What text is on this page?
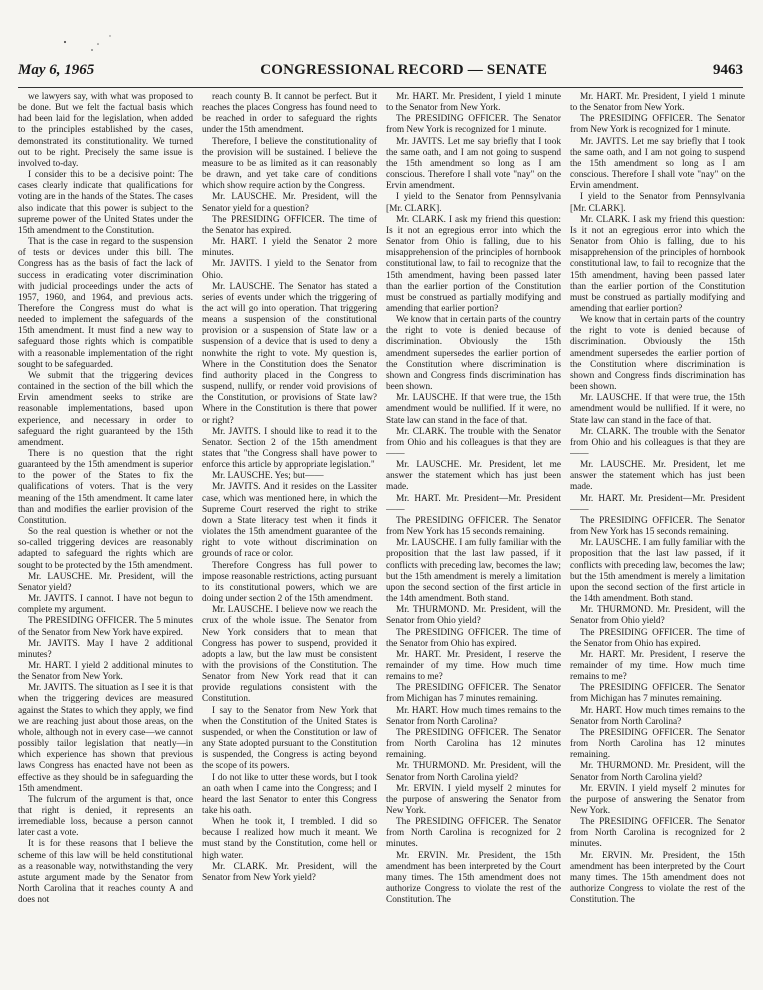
May 6, 1965	CONGRESSIONAL RECORD — SENATE	9463

we lawyers say, with what was proposed to be done. But we felt the factual basis which had been laid for the legislation, when added to the principles established by the cases, demonstrated its constitutionality. We turned out to be right. Precisely the same issue is involved to-day.

I consider this to be a decisive point: The cases clearly indicate that qualifications for voting are in the hands of the States. The cases also indicate that this power is subject to the supreme power of the United States under the 15th amendment to the Constitution.

That is the case in regard to the suspension of tests or devices under this bill. The Congress has as the basis of fact the lack of success in eradicating voter discrimination with judicial proceedings under the acts of 1957, 1960, and 1964, and previous acts. Therefore the Congress must do what is needed to implement the safeguards of the 15th amendment. It must find a new way to safeguard those rights which is compatible with a reasonable implementation of the right sought to be safeguarded.

We submit that the triggering devices contained in the section of the bill which the Ervin amendment seeks to strike are reasonable implementations, based upon experience, and necessary in order to safeguard the right guaranteed by the 15th amendment.

There is no question that the right guaranteed by the 15th amendment is superior to the power of the States to fix the qualifications of voters. That is the very meaning of the 15th amendment. It came later than and modifies the earlier provision of the Constitution.

So the real question is whether or not the so-called triggering devices are reasonably adapted to safeguard the rights which are sought to be protected by the 15th amendment.

Mr. LAUSCHE. Mr. President, will the Senator yield?

Mr. JAVITS. I cannot. I have not begun to complete my argument.

The PRESIDING OFFICER. The 5 minutes of the Senator from New York have expired.

Mr. JAVITS. May I have 2 additional minutes?

Mr. HART. I yield 2 additional minutes to the Senator from New York.

Mr. JAVITS. The situation as I see it is that when the triggering devices are measured against the States to which they apply, we find we are reaching just about those areas, on the whole, although not in every case—we cannot possibly tailor legislation that neatly—in which experience has shown that previous laws Congress has enacted have not been as effective as they should be in safeguarding the 15th amendment.

The fulcrum of the argument is that, once that right is denied, it represents an irremediable loss, because a person cannot later cast a vote.

It is for these reasons that I believe the scheme of this law will be held constitutional as a reasonable way, notwithstanding the very astute argument made by the Senator from North Carolina that it reaches county A and does not

reach county B. It cannot be perfect. But it reaches the places Congress has found need to be reached in order to safeguard the rights under the 15th amendment.

Therefore, I believe the constitutionality of the provision will be sustained. I believe the measure to be as limited as it can reasonably be drawn, and yet take care of conditions which show require action by the Congress.

Mr. LAUSCHE. Mr. President, will the Senator yield for a question?

The PRESIDING OFFICER. The time of the Senator has expired.

Mr. HART. I yield the Senator 2 more minutes.

Mr. JAVITS. I yield to the Senator from Ohio.

Mr. LAUSCHE. The Senator has stated a series of events under which the triggering of the act will go into operation. That triggering means a suspension of the constitutional provision or a suspension of State law or a suspension of a device that is used to deny a nonwhite the right to vote. My question is, Where in the Constitution does the Senator find authority placed in the Congress to suspend, nullify, or render void provisions of the Constitution, or provisions of State law? Where in the Constitution is there that power or right?

Mr. JAVITS. I should like to read it to the Senator. Section 2 of the 15th amendment states that "the Congress shall have power to enforce this article by appropriate legislation."

Mr. LAUSCHE. Yes; but——

Mr. JAVITS. And it resides on the Lassiter case, which was mentioned here, in which the Supreme Court reserved the right to strike down a State literacy test when it finds it violates the 15th amendment guarantee of the right to vote without discrimination on grounds of race or color.

Therefore Congress has full power to impose reasonable restrictions, acting pursuant to its constitutional powers, which we are doing under section 2 of the 15th amendment.

Mr. LAUSCHE. I believe now we reach the crux of the whole issue. The Senator from New York considers that to mean that Congress has power to suspend, provided it adopts a law, but the law must be consistent with the provisions of the Constitution. The Senator from New York read that it can provide regulations consistent with the Constitution.

I say to the Senator from New York that when the Constitution of the United States is suspended, or when the Constitution or law of any State adopted pursuant to the Constitution is suspended, the Congress is acting beyond the scope of its powers.

I do not like to utter these words, but I took an oath when I came into the Congress; and I heard the last Senator to enter this Congress take his oath.

When he took it, I trembled. I did so because I realized how much it meant. We must stand by the Constitution, come hell or high water.

Mr. CLARK. Mr. President, will the Senator from New York yield?

Mr. HART. Mr. President, I yield 1 minute to the Senator from New York.

The PRESIDING OFFICER. The Senator from New York is recognized for 1 minute.

Mr. JAVITS. Let me say briefly that I took the same oath, and I am not going to suspend the 15th amendment so long as I am conscious. Therefore I shall vote "nay" on the Ervin amendment.

I yield to the Senator from Pennsylvania [Mr. CLARK].

Mr. CLARK. I ask my friend this question: Is it not an egregious error into which the Senator from Ohio is falling, due to his misapprehension of the principles of hornbook constitutional law, to fail to recognize that the 15th amendment, having been passed later than the earlier portion of the Constitution must be construed as partially modifying and amending that earlier portion?

We know that in certain parts of the country the right to vote is denied because of discrimination. Obviously the 15th amendment supersedes the earlier portion of the Constitution where discrimination is shown and Congress finds discrimination has been shown.

Mr. LAUSCHE. If that were true, the 15th amendment would be nullified. If it were, no State law can stand in the face of that.

Mr. CLARK. The trouble with the Senator from Ohio and his colleagues is that they are——

Mr. LAUSCHE. Mr. President, let me answer the statement which has just been made.

Mr. HART. Mr. President—Mr. President——

The PRESIDING OFFICER. The Senator from New York has 15 seconds remaining.

Mr. LAUSCHE. I am fully familiar with the proposition that the last law passed, if it conflicts with preceding law, becomes the law; but the 15th amendment is merely a limitation upon the second section of the first article in the 14th amendment. Both stand.

Mr. THURMOND. Mr. President, will the Senator from Ohio yield?

The PRESIDING OFFICER. The time of the Senator from Ohio has expired.

Mr. HART. Mr. President, I reserve the remainder of my time. How much time remains to me?

The PRESIDING OFFICER. The Senator from Michigan has 7 minutes remaining.

Mr. HART. How much times remains to the Senator from North Carolina?

The PRESIDING OFFICER. The Senator from North Carolina has 12 minutes remaining.

Mr. THURMOND. Mr. President, will the Senator from North Carolina yield?

Mr. ERVIN. I yield myself 2 minutes for the purpose of answering the Senator from New York.

The PRESIDING OFFICER. The Senator from North Carolina is recognized for 2 minutes.

Mr. ERVIN. Mr. President, the 15th amendment has been interpreted by the Court many times. The 15th amendment does not authorize Congress to violate the rest of the Constitution. The

Mr. HART. Mr. President, I yield 1 minute to the Senator from New York.

The PRESIDING OFFICER. The Senator from New York is recognized for 1 minute.

Mr. JAVITS. Let me say briefly that I took the same oath, and I am not going to suspend the 15th amendment so long as I am conscious. Therefore I shall vote "nay" on the Ervin amendment.

I yield to the Senator from Pennsylvania [Mr. CLARK].

Mr. CLARK. I ask my friend this question: Is it not an egregious error into which the Senator from Ohio is falling, due to his misapprehension of the principles of hornbook constitutional law, to fail to recognize that the 15th amendment, having been passed later than the earlier portion of the Constitution must be construed as partially modifying and amending that earlier portion?

We know that in certain parts of the country the right to vote is denied because of discrimination. Obviously the 15th amendment supersedes the earlier portion of the Constitution where discrimination is shown and Congress finds discrimination has been shown.

Mr. LAUSCHE. If that were true, the 15th amendment would be nullified. If it were, no State law can stand in the face of that.

Mr. CLARK. The trouble with the Senator from Ohio and his colleagues is that they are——

Mr. LAUSCHE. Mr. President, let me answer the statement which has just been made.

Mr. HART. Mr. President—Mr. President——

The PRESIDING OFFICER. The Senator from New York has 15 seconds remaining.

Mr. LAUSCHE. I am fully familiar with the proposition that the last law passed, if it conflicts with preceding law, becomes the law; but the 15th amendment is merely a limitation upon the second section of the first article in the 14th amendment. Both stand.

Mr. THURMOND. Mr. President, will the Senator from Ohio yield?

The PRESIDING OFFICER. The time of the Senator from Ohio has expired.

Mr. HART. Mr. President, I reserve the remainder of my time. How much time remains to me?

The PRESIDING OFFICER. The Senator from Michigan has 7 minutes remaining.

Mr. HART. How much times remains to the Senator from North Carolina?

The PRESIDING OFFICER. The Senator from North Carolina has 12 minutes remaining.

Mr. THURMOND. Mr. President, will the Senator from North Carolina yield?

Mr. ERVIN. I yield myself 2 minutes for the purpose of answering the Senator from New York.

The PRESIDING OFFICER. The Senator from North Carolina is recognized for 2 minutes.

Mr. ERVIN. Mr. President, the 15th amendment has been interpreted by the Court many times. The 15th amendment does not authorize Congress to violate the rest of the Constitution. The
